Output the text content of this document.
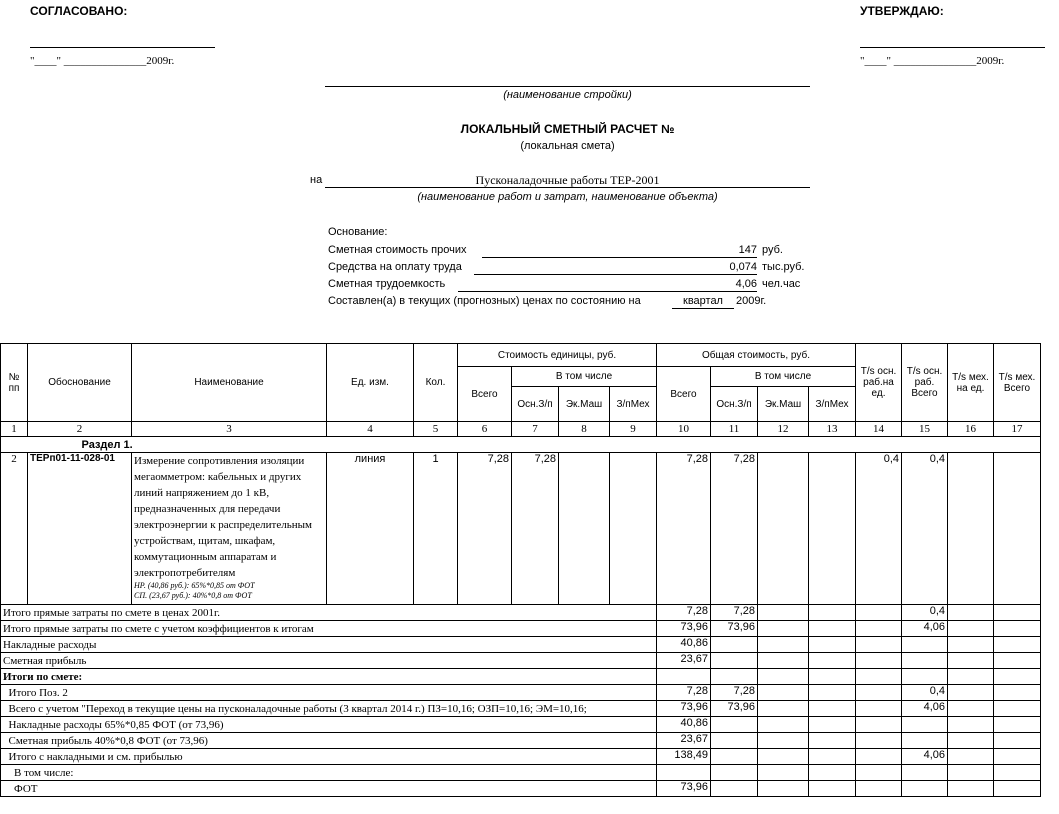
СОГЛАСОВАНО:
"____" _______________2009г.
УТВЕРЖДАЮ:
"____" _______________2009г.
(наименование стройки)
ЛОКАЛЬНЫЙ СМЕТНЫЙ РАСЧЕТ №
(локальная смета)
на	Пусконаладочные работы ТЕР-2001
(наименование работ и затрат, наименование объекта)
Основание:
Сметная стоимость прочих	147 руб.
Средства на оплату труда	0,074 тыс.руб.
Сметная трудоемкость	4,06 чел.час
Составлен(а) в текущих (прогнозных) ценах по состоянию на	квартал	2009г.
№ пп	Обоснование	Наименование	Ед. изм.	Кол.	Стоимость единицы, руб.				Общая стоимость, руб.				Т/s осн. раб.на ед.	Т/s осн. раб. Всего	Т/s мех. на ед.	Т/s мех. Всего
					Всего	В том числе			Всего	В том числе						
						Осн.З/п	Эк.Маш	З/пМех		Осн.З/п	Эк.Маш	З/пМех				
1	2	3	4	5	6	7	8	9	10	11	12	13	14	15	16	17
	Раздел 1.															
2	ТЕРп01-11-028-01	Измерение сопротивления изоляции мегаомметром: кабельных и других линий напряжением до 1 кВ, предназначенных для передачи электроэнергии к распределительным устройствам, щитам, шкафам, коммутационным аппаратам и электропотребителям
НР. (40,86 руб.): 65%*0,85 от ФОТ
СП. (23,67 руб.): 40%*0,8 от ФОТ	линия	1	7,28	7,28			7,28	7,28			0,4	0,4		
Итого прямые затраты по смете в ценах 2001г.									7,28	7,28				0,4		
Итого прямые затраты по смете с учетом коэффициентов к итогам									73,96	73,96				4,06		
Накладные расходы									40,86							
Сметная прибыль									23,67							
Итоги по смете:																
Итого Поз. 2									7,28	7,28				0,4		
Всего с учетом "Переход в текущие цены на пусконаладочные работы (3 квартал 2014 г.) ПЗ=10,16; ОЗП=10,16; ЭМ=10,16;									73,96	73,96				4,06		
Накладные расходы 65%*0,85 ФОТ (от 73,96)									40,86							
Сметная прибыль 40%*0,8 ФОТ (от 73,96)									23,67							
Итого с накладными и см. прибылью									138,49					4,06		
В том числе:																
ФОТ									73,96							
